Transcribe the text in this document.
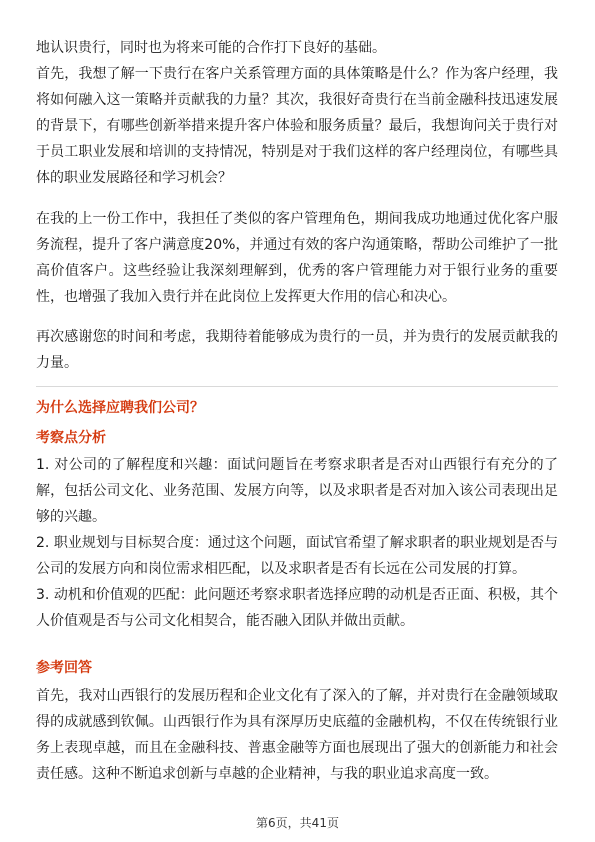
地认识贵行，同时也为将来可能的合作打下良好的基础。

首先，我想了解一下贵行在客户关系管理方面的具体策略是什么？作为客户经理，我将如何融入这一策略并贡献我的力量？其次，我很好奇贵行在当前金融科技迅速发展的背景下，有哪些创新举措来提升客户体验和服务质量？最后，我想询问关于贵行对于员工职业发展和培训的支持情况，特别是对于我们这样的客户经理岗位，有哪些具体的职业发展路径和学习机会？

在我的上一份工作中，我担任了类似的客户管理角色，期间我成功地通过优化客户服务流程，提升了客户满意度20%，并通过有效的客户沟通策略，帮助公司维护了一批高价值客户。这些经验让我深刻理解到，优秀的客户管理能力对于银行业务的重要性，也增强了我加入贵行并在此岗位上发挥更大作用的信心和决心。

再次感谢您的时间和考虑，我期待着能够成为贵行的一员，并为贵行的发展贡献我的力量。

为什么选择应聘我们公司？

考察点分析

1. 对公司的了解程度和兴趣：面试问题旨在考察求职者是否对山西银行有充分的了解，包括公司文化、业务范围、发展方向等，以及求职者是否对加入该公司表现出足够的兴趣。

2. 职业规划与目标契合度：通过这个问题，面试官希望了解求职者的职业规划是否与公司的发展方向和岗位需求相匹配，以及求职者是否有长远在公司发展的打算。

3. 动机和价值观的匹配：此问题还考察求职者选择应聘的动机是否正面、积极，其个人价值观是否与公司文化相契合，能否融入团队并做出贡献。

参考回答

首先，我对山西银行的发展历程和企业文化有了深入的了解，并对贵行在金融领域取得的成就感到钦佩。山西银行作为具有深厚历史底蕴的金融机构，不仅在传统银行业务上表现卓越，而且在金融科技、普惠金融等方面也展现出了强大的创新能力和社会责任感。这种不断追求创新与卓越的企业精神，与我的职业追求高度一致。

第6页，共41页
